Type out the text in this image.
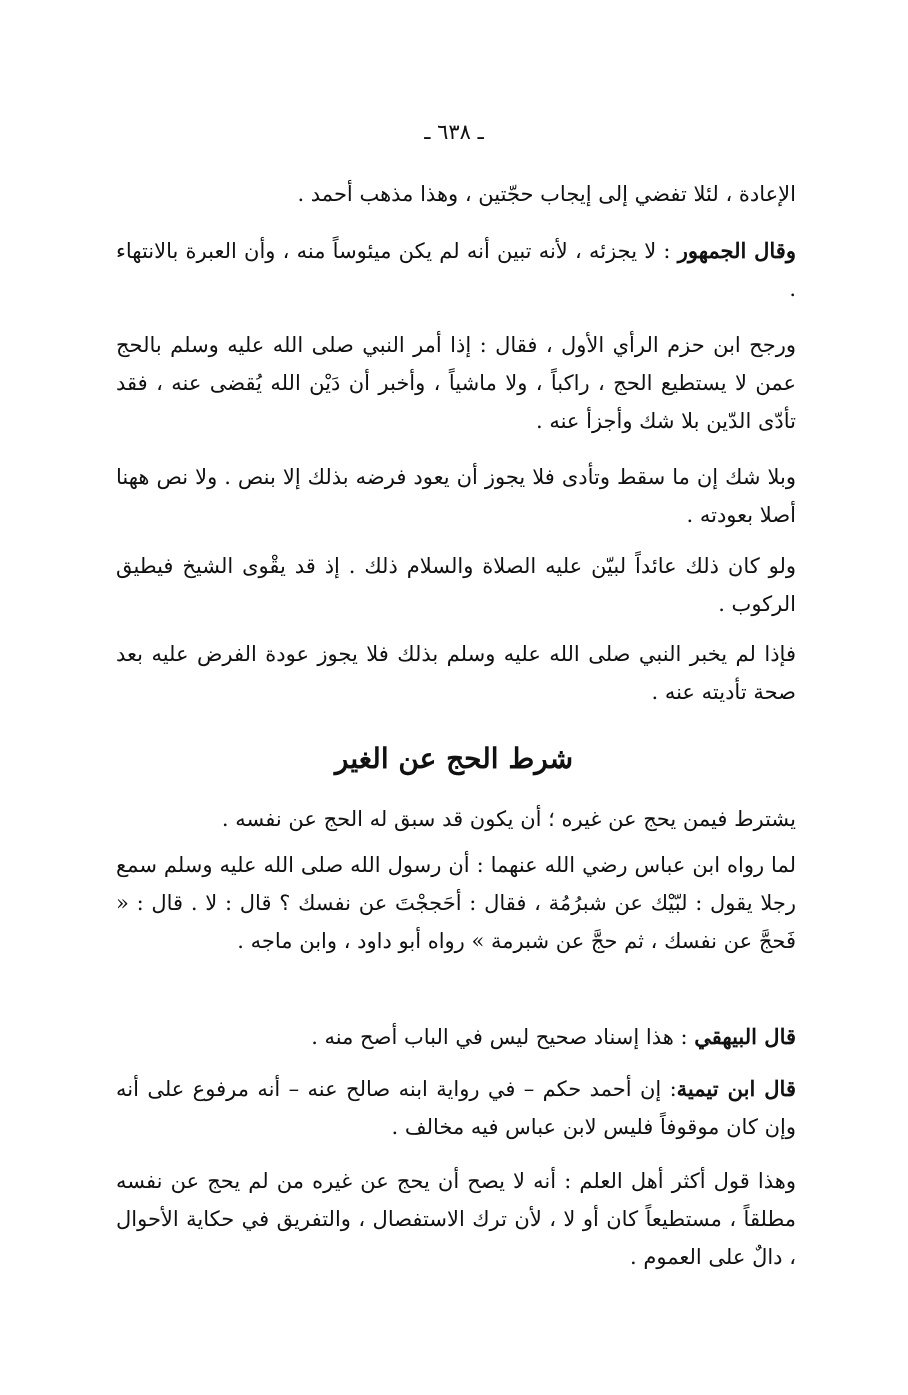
ـ ٦٣٨ ـ

الإعادة ، لئلا تفضي إلى إيجاب حجّتين ، وهذا مذهب أحمد .

وقال الجمهور : لا يجزئه ، لأنه تبين أنه لم يكن ميئوساً منه ، وأن العبرة بالانتهاء .

ورجح ابن حزم الرأي الأول ، فقال : إذا أمر النبي صلى الله عليه وسلم بالحج عمن لا يستطيع الحج ، راكباً ، ولا ماشياً ، وأخبر أن دَيْن الله يُقضى عنه ، فقد تأدّى الدّين بلا شك وأجزأ عنه .

وبلا شك إن ما سقط وتأدى فلا يجوز أن يعود فرضه بذلك إلا بنص . ولا نص ههنا أصلا بعودته .

ولو كان ذلك عائداً لبيّن عليه الصلاة والسلام ذلك . إذ قد يقْوى الشيخ فيطيق الركوب .

فإذا لم يخبر النبي صلى الله عليه وسلم بذلك فلا يجوز عودة الفرض عليه بعد صحة تأديته عنه .

شرط الحج عن الغير

يشترط فيمن يحج عن غيره ؛ أن يكون قد سبق له الحج عن نفسه .

لما رواه ابن عباس رضي الله عنهما : أن رسول الله صلى الله عليه وسلم سمع رجلا يقول : لبّيْك عن شبرُمُة ، فقال : أحَججْتَ عن نفسك ؟ قال : لا . قال : « فَحجَّ عن نفسك ، ثم حجَّ عن شبرمة » رواه أبو داود ، وابن ماجه .

قال البيهقي : هذا إسناد صحيح ليس في الباب أصح منه .

قال ابن تيمية: إن أحمد حكم – في رواية ابنه صالح عنه – أنه مرفوع على أنه وإن كان موقوفاً فليس لابن عباس فيه مخالف .

وهذا قول أكثر أهل العلم : أنه لا يصح أن يحج عن غيره من لم يحج عن نفسه مطلقاً ، مستطيعاً كان أو لا ، لأن ترك الاستفصال ، والتفريق في حكاية الأحوال ، دالٌ على العموم .
